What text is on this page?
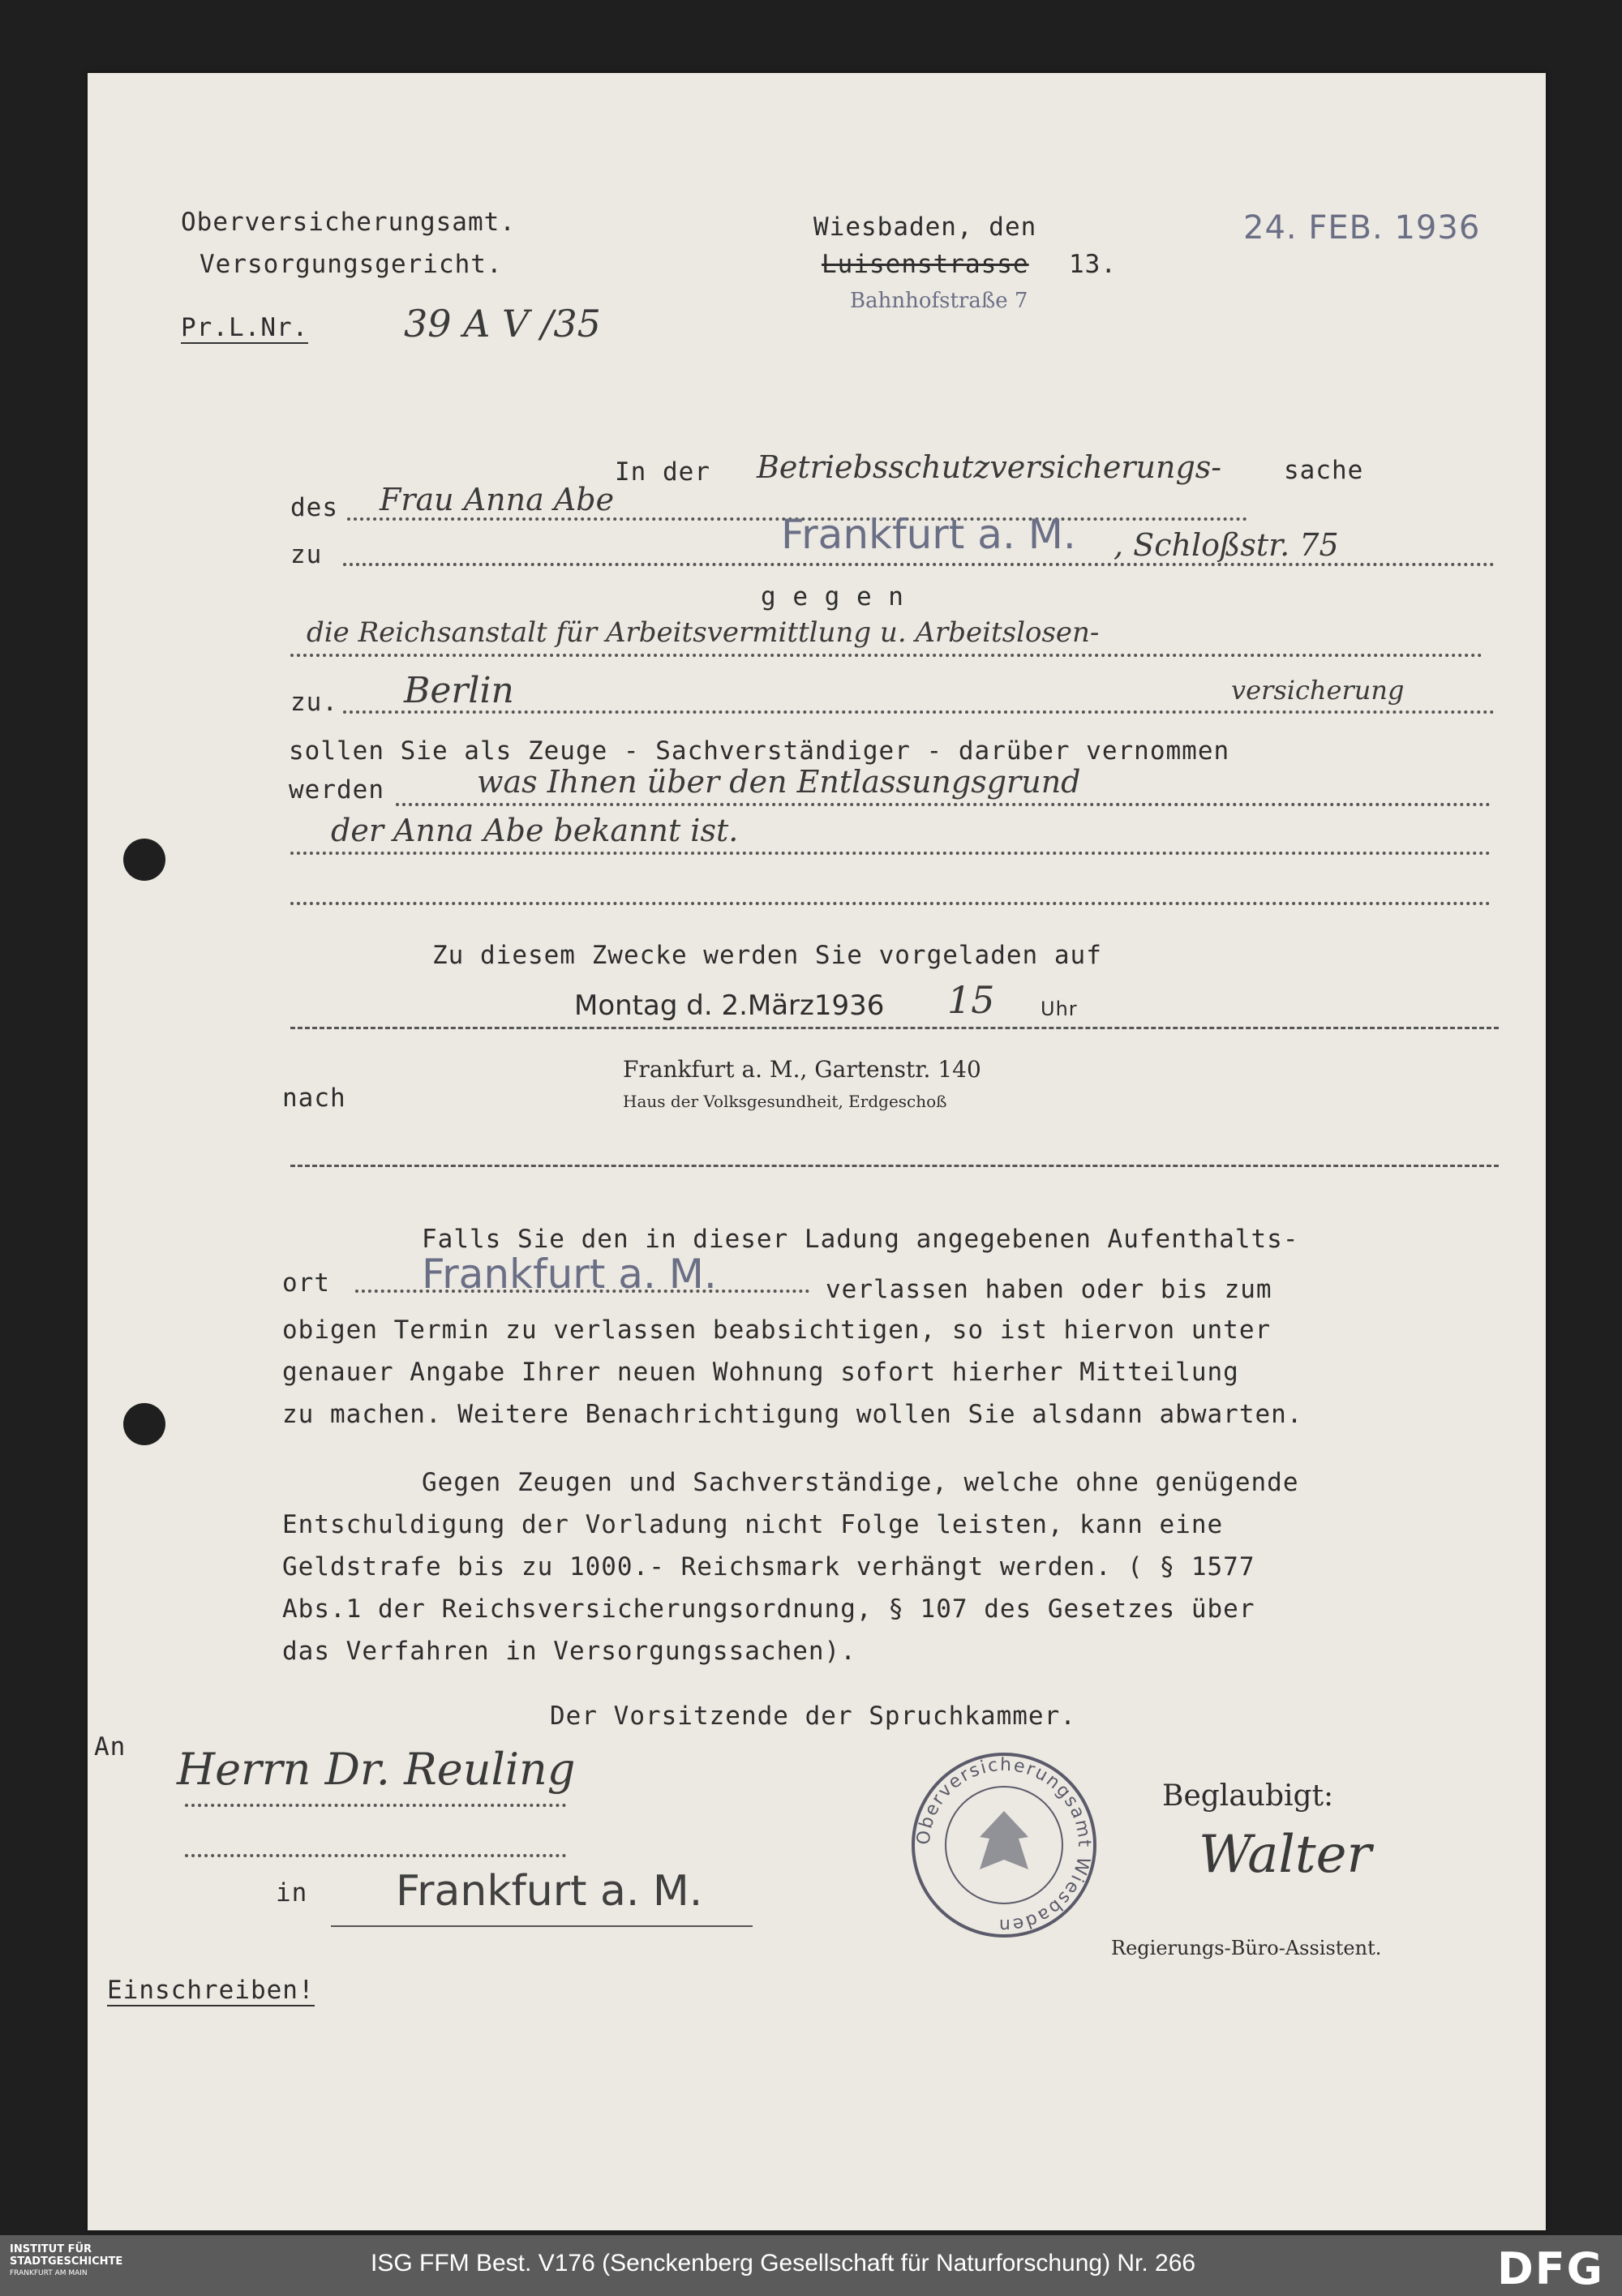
Oberversicherungsamt.
Versorgungsgericht.
Pr.L.Nr.	39 A V /35
Wiesbaden, den
Luisenstrasse 13.
Bahnhofstraße 7
24. FEB. 1936
In der Betriebsschutzversicherungs- sache
des Frau Anna Abe
zu	Frankfurt a. M. , Schloßstr. 75
g e g e n
die Reichsanstalt für Arbeitsvermittlung u. Arbeitslosen-
zu. Berlin	versicherung
sollen Sie als Zeuge - Sachverständiger - darüber vernommen
werden	was Ihnen über den Entlassungsgrund
der Anna Abe bekannt ist.
Zu diesem Zwecke werden Sie vorgeladen auf
Montag d. 2.März1936 15 Uhr
nach
Frankfurt a. M., Gartenstr. 140
Haus der Volksgesundheit, Erdgeschoß
Falls Sie den in dieser Ladung angegebenen Aufenthalts-
ort Frankfurt a. M.	verlassen haben oder bis zum
obigen Termin zu verlassen beabsichtigen, so ist hiervon unter
genauer Angabe Ihrer neuen Wohnung sofort hierher Mitteilung
zu machen. Weitere Benachrichtigung wollen Sie alsdann abwarten.
Gegen Zeugen und Sachverständige, welche ohne genügende
Entschuldigung der Vorladung nicht Folge leisten, kann eine
Geldstrafe bis zu 1000.- Reichsmark verhängt werden. ( § 1577
Abs.1 der Reichsversicherungsordnung, § 107 des Gesetzes über
das Verfahren in Versorgungssachen).
Der Vorsitzende der Spruchkammer.
An Herrn Dr. Reuling
in Frankfurt a. M.
Einschreiben!
Oberversicherungsamt Wiesbaden
Beglaubigt:
Walter
Regierungs-Büro-Assistent.
INSTITUT FÜR
STADTGESCHICHTE
FRANKFURT AM MAIN	ISG FFM Best. V176 (Senckenberg Gesellschaft für Naturforschung) Nr. 266	DFG
